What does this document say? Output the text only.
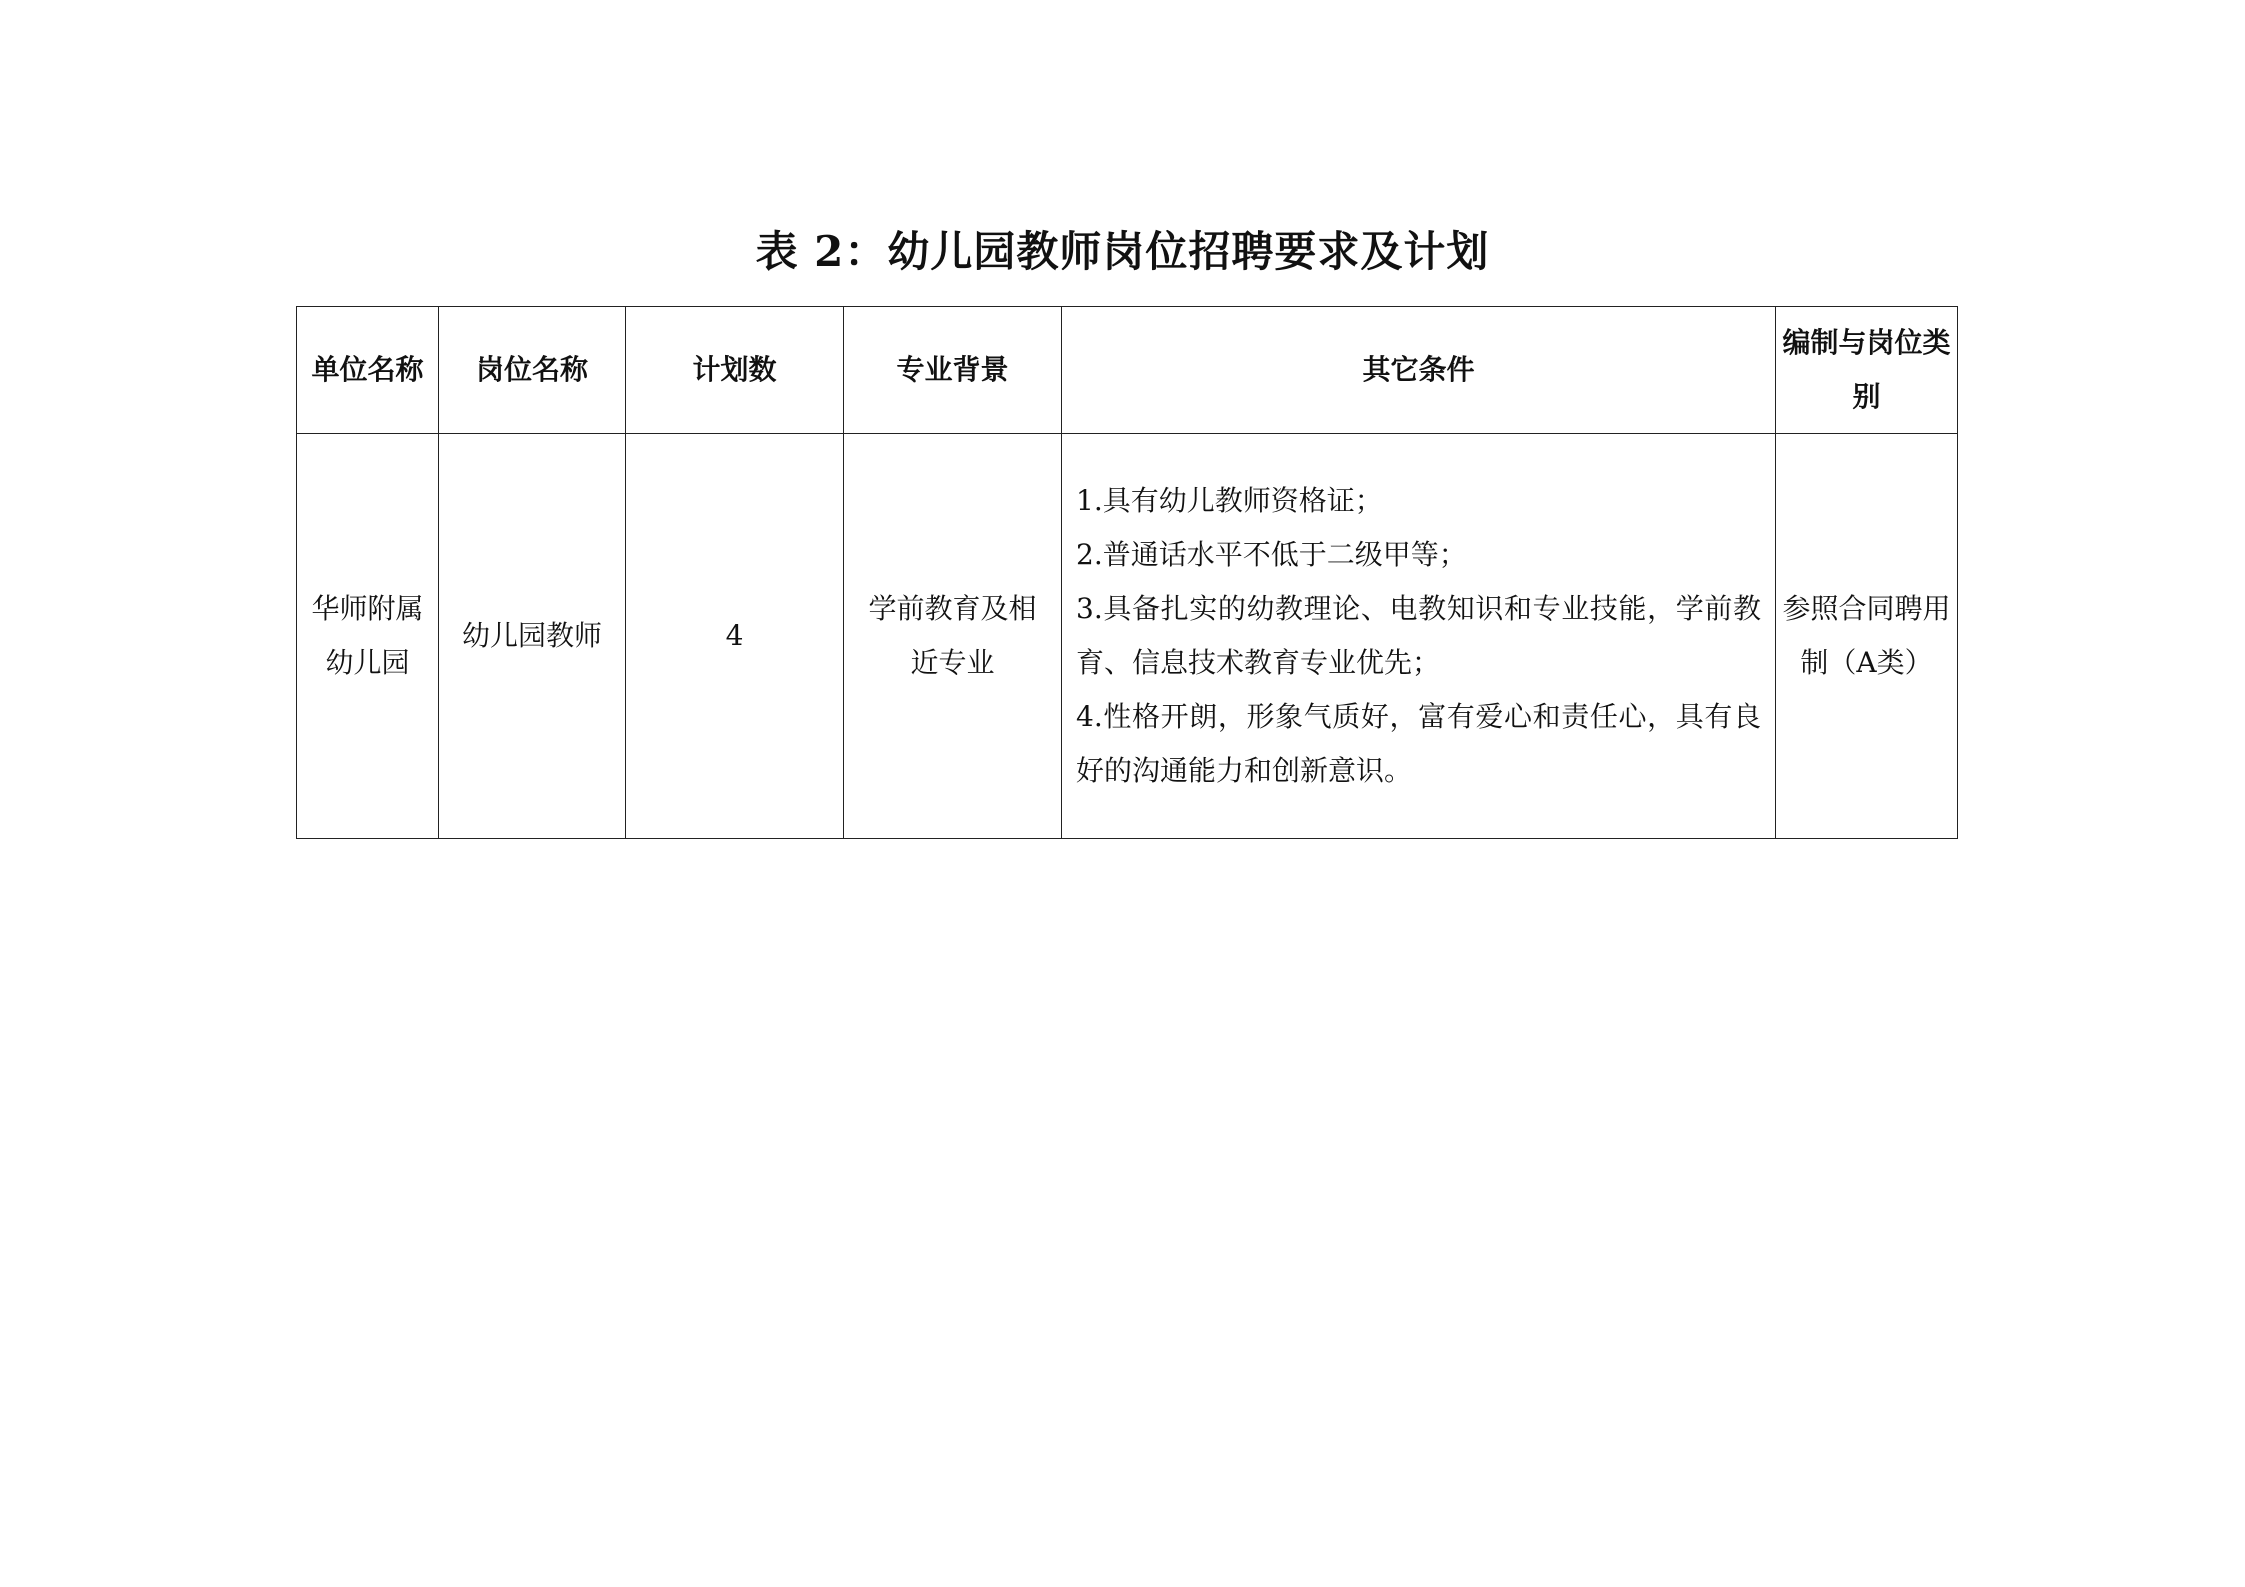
表 2：幼儿园教师岗位招聘要求及计划
单位名称	岗位名称	计划数	专业背景	其它条件	编制与岗位类别

华师附属幼儿园	幼儿园教师	4	学前教育及相近专业	1.具有幼儿教师资格证；
2.普通话水平不低于二级甲等；
3.具备扎实的幼教理论、电教知识和专业技能，学前教育、信息技术教育专业优先；
4.性格开朗，形象气质好，富有爱心和责任心，具有良好的沟通能力和创新意识。	参照合同聘用制（A类）
